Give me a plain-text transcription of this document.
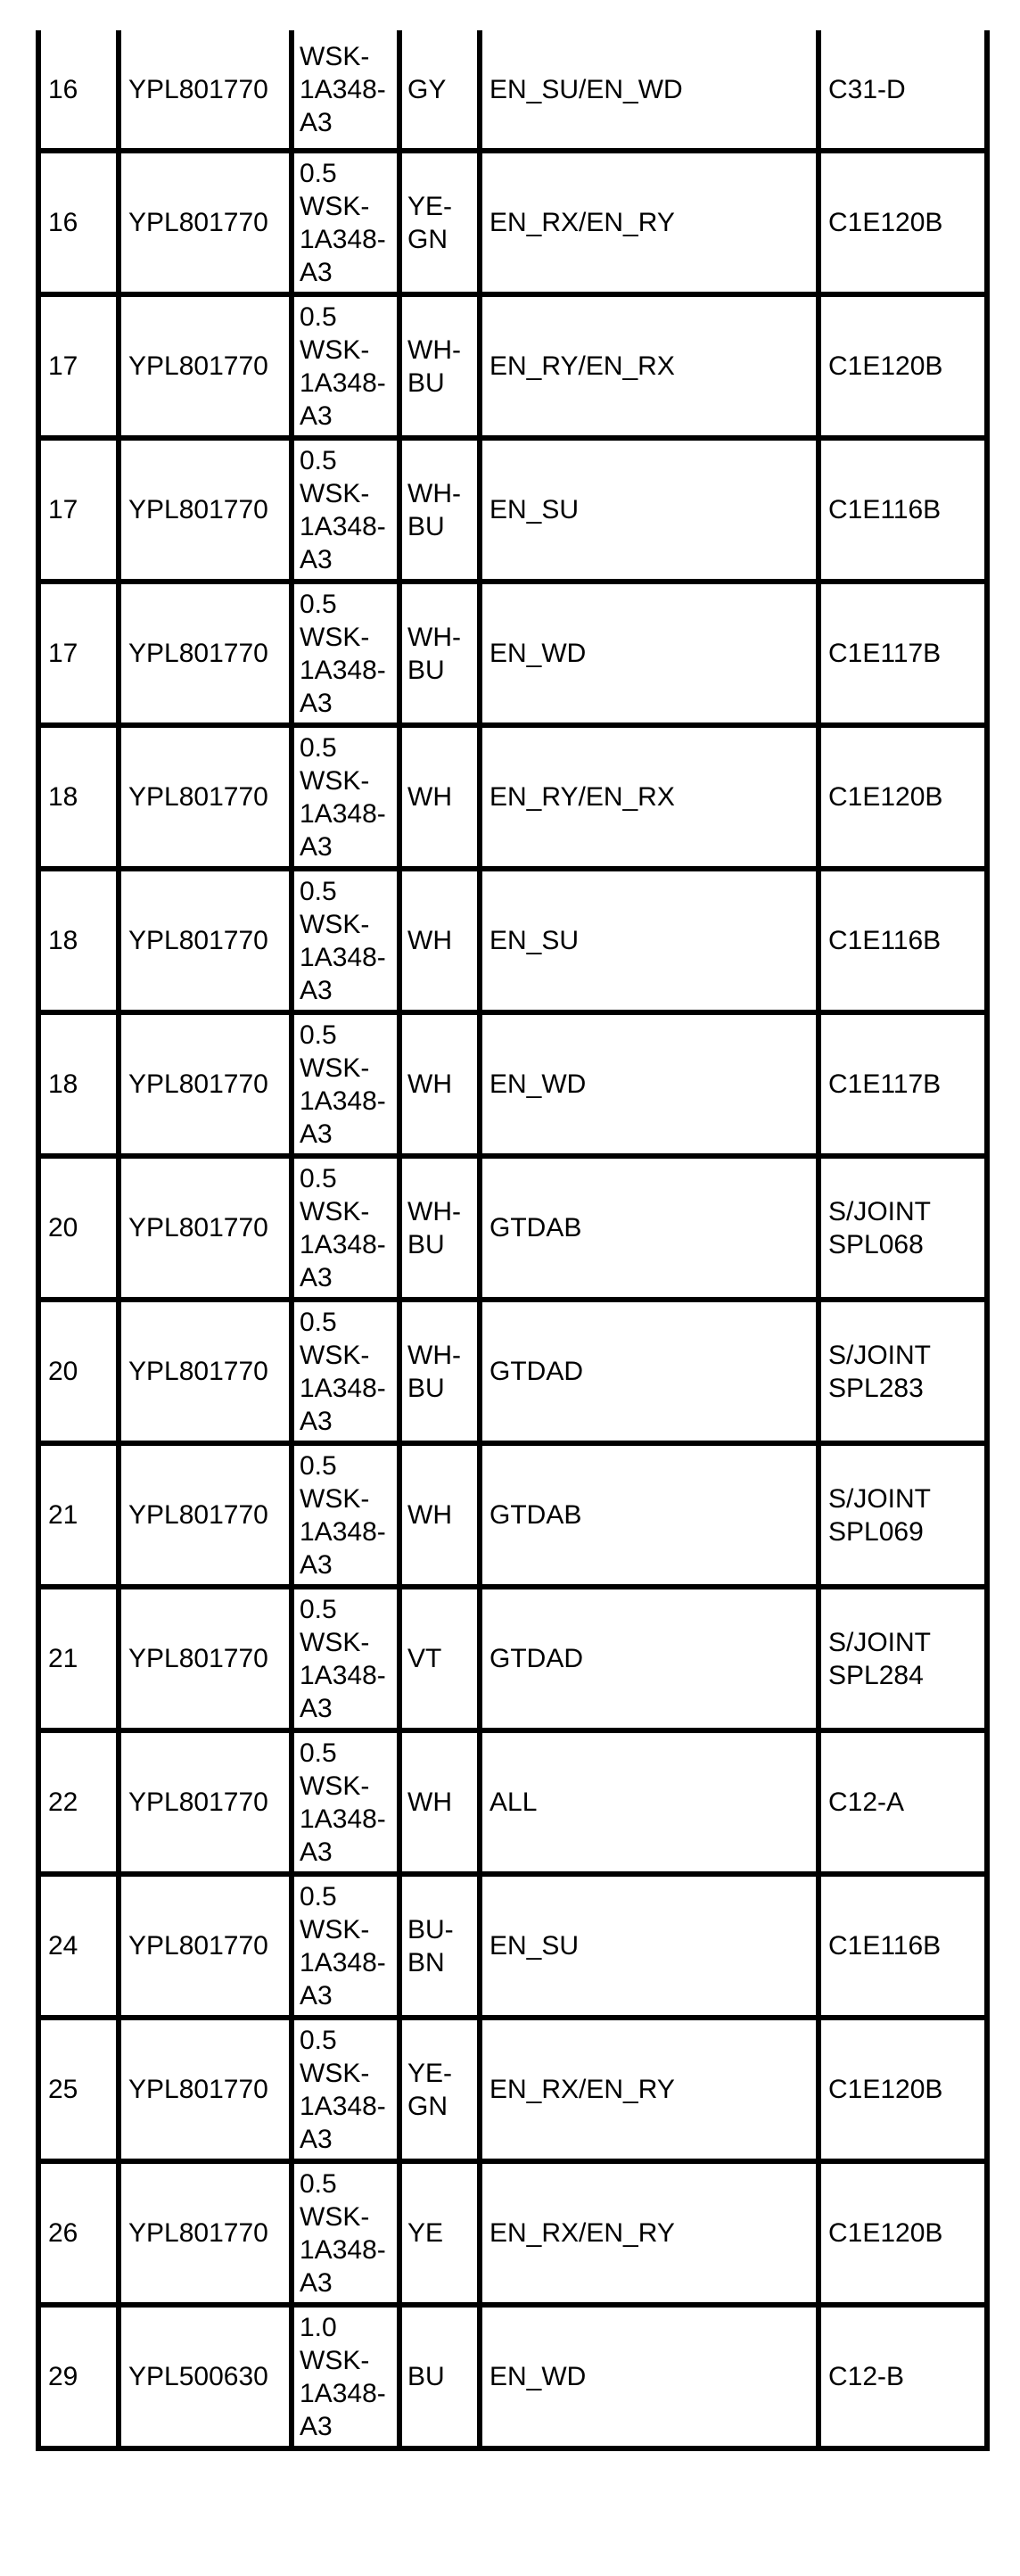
16	YPL801770	WSK-
1A348-
A3	GY	EN_SU/EN_WD	C31-D

16	YPL801770	0.5
WSK-
1A348-
A3	YE-
GN	EN_RX/EN_RY	C1E120B

17	YPL801770	0.5
WSK-
1A348-
A3	WH-
BU	EN_RY/EN_RX	C1E120B

17	YPL801770	0.5
WSK-
1A348-
A3	WH-
BU	EN_SU	C1E116B

17	YPL801770	0.5
WSK-
1A348-
A3	WH-
BU	EN_WD	C1E117B

18	YPL801770	0.5
WSK-
1A348-
A3	WH	EN_RY/EN_RX	C1E120B

18	YPL801770	0.5
WSK-
1A348-
A3	WH	EN_SU	C1E116B

18	YPL801770	0.5
WSK-
1A348-
A3	WH	EN_WD	C1E117B

20	YPL801770	0.5
WSK-
1A348-
A3	WH-
BU	GTDAB	S/JOINT
SPL068

20	YPL801770	0.5
WSK-
1A348-
A3	WH-
BU	GTDAD	S/JOINT
SPL283

21	YPL801770	0.5
WSK-
1A348-
A3	WH	GTDAB	S/JOINT
SPL069

21	YPL801770	0.5
WSK-
1A348-
A3	VT	GTDAD	S/JOINT
SPL284

22	YPL801770	0.5
WSK-
1A348-
A3	WH	ALL	C12-A

24	YPL801770	0.5
WSK-
1A348-
A3	BU-
BN	EN_SU	C1E116B

25	YPL801770	0.5
WSK-
1A348-
A3	YE-
GN	EN_RX/EN_RY	C1E120B

26	YPL801770	0.5
WSK-
1A348-
A3	YE	EN_RX/EN_RY	C1E120B

29	YPL500630	1.0
WSK-
1A348-
A3	BU	EN_WD	C12-B
